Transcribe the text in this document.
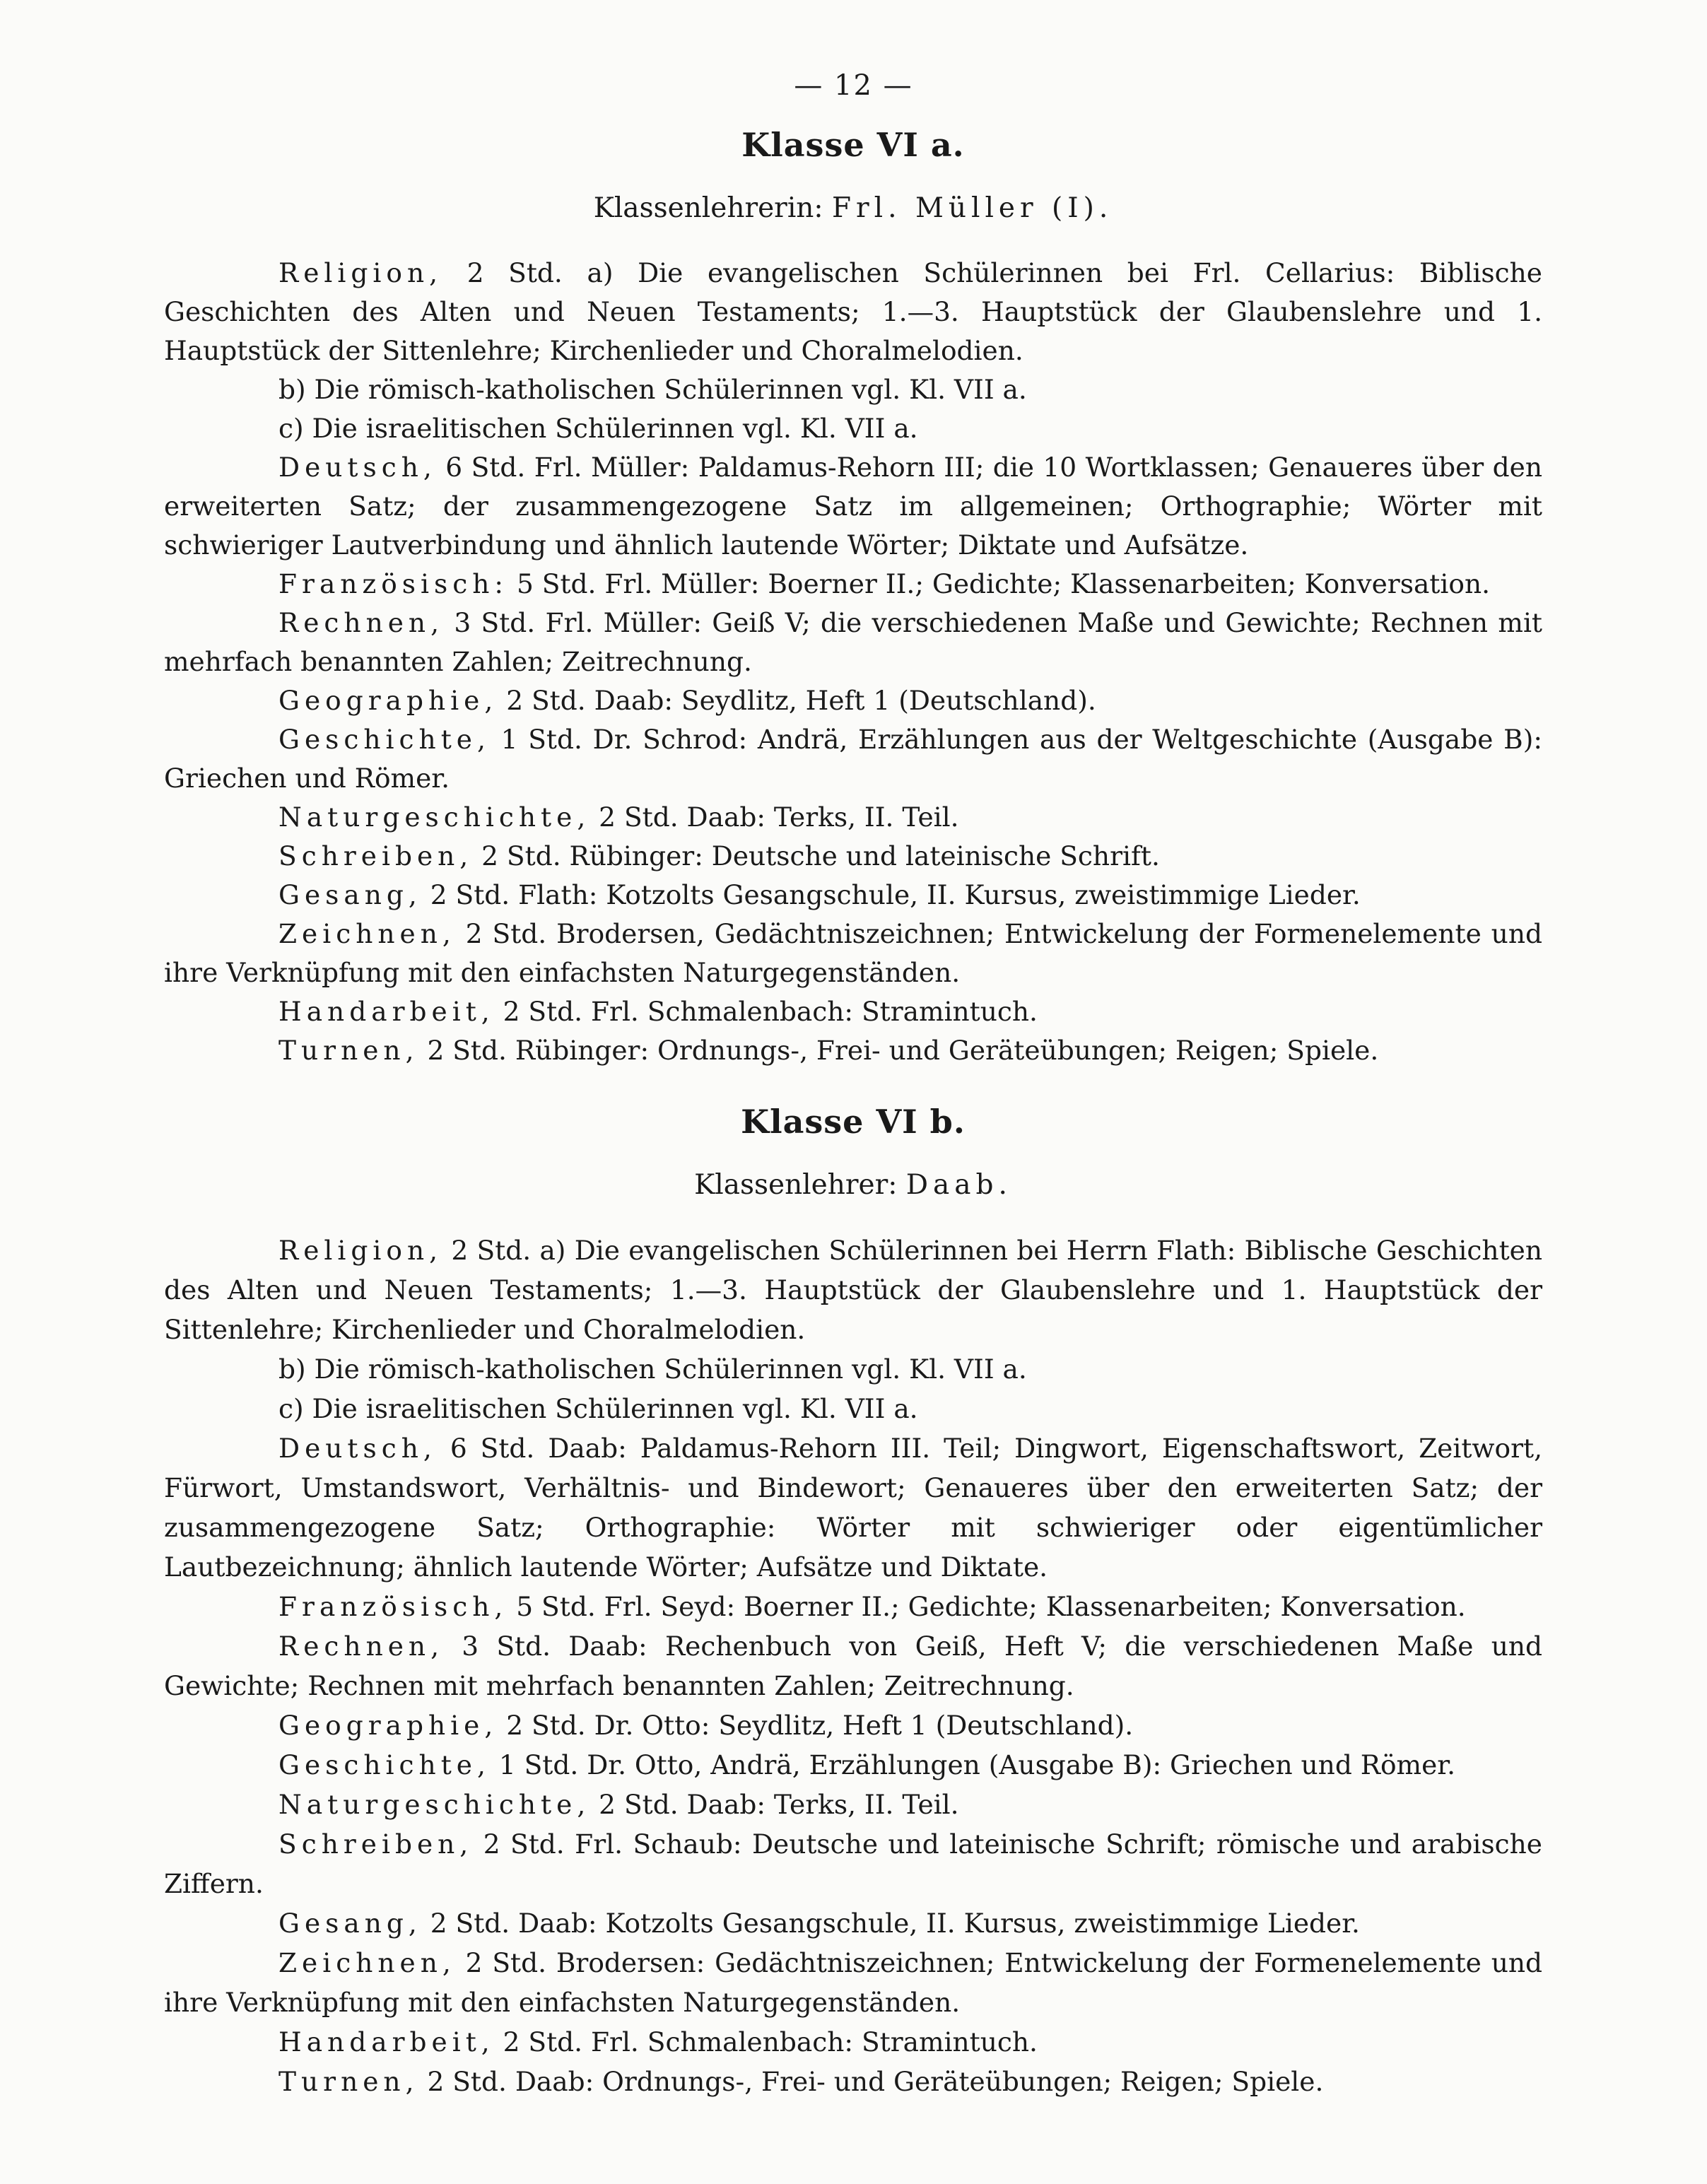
— 12 —
Klasse VI a.
Klassenlehrerin: Frl. Müller (I).

Religion, 2 Std. a) Die evangelischen Schülerinnen bei Frl. Cellarius: Biblische Geschichten des Alten und Neuen Testaments; 1.—3. Hauptstück der Glaubenslehre und 1. Hauptstück der Sittenlehre; Kirchenlieder und Choralmelodien.

b) Die römisch-katholischen Schülerinnen vgl. Kl. VII a.

c) Die israelitischen Schülerinnen vgl. Kl. VII a.

Deutsch, 6 Std. Frl. Müller: Paldamus-Rehorn III; die 10 Wortklassen; Genaueres über den erweiterten Satz; der zusammengezogene Satz im allgemeinen; Orthographie; Wörter mit schwieriger Lautverbindung und ähnlich lautende Wörter; Diktate und Aufsätze.

Französisch: 5 Std. Frl. Müller: Boerner II.; Gedichte; Klassenarbeiten; Konversation.

Rechnen, 3 Std. Frl. Müller: Geiß V; die verschiedenen Maße und Gewichte; Rechnen mit mehrfach benannten Zahlen; Zeitrechnung.

Geographie, 2 Std. Daab: Seydlitz, Heft 1 (Deutschland).

Geschichte, 1 Std. Dr. Schrod: Andrä, Erzählungen aus der Weltgeschichte (Ausgabe B): Griechen und Römer.

Naturgeschichte, 2 Std. Daab: Terks, II. Teil.

Schreiben, 2 Std. Rübinger: Deutsche und lateinische Schrift.

Gesang, 2 Std. Flath: Kotzolts Gesangschule, II. Kursus, zweistimmige Lieder.

Zeichnen, 2 Std. Brodersen, Gedächtniszeichnen; Entwickelung der Formenelemente und ihre Verknüpfung mit den einfachsten Naturgegenständen.

Handarbeit, 2 Std. Frl. Schmalenbach: Stramintuch.

Turnen, 2 Std. Rübinger: Ordnungs-, Frei- und Geräteübungen; Reigen; Spiele.

Klasse VI b.
Klassenlehrer: Daab.

Religion, 2 Std. a) Die evangelischen Schülerinnen bei Herrn Flath: Biblische Geschichten des Alten und Neuen Testaments; 1.—3. Hauptstück der Glaubenslehre und 1. Hauptstück der Sittenlehre; Kirchenlieder und Choralmelodien.

b) Die römisch-katholischen Schülerinnen vgl. Kl. VII a.

c) Die israelitischen Schülerinnen vgl. Kl. VII a.

Deutsch, 6 Std. Daab: Paldamus-Rehorn III. Teil; Dingwort, Eigenschaftswort, Zeitwort, Fürwort, Umstandswort, Verhältnis- und Bindewort; Genaueres über den erweiterten Satz; der zusammengezogene Satz; Orthographie: Wörter mit schwieriger oder eigentümlicher Lautbezeichnung; ähnlich lautende Wörter; Aufsätze und Diktate.

Französisch, 5 Std. Frl. Seyd: Boerner II.; Gedichte; Klassenarbeiten; Konversation.

Rechnen, 3 Std. Daab: Rechenbuch von Geiß, Heft V; die verschiedenen Maße und Gewichte; Rechnen mit mehrfach benannten Zahlen; Zeitrechnung.

Geographie, 2 Std. Dr. Otto: Seydlitz, Heft 1 (Deutschland).

Geschichte, 1 Std. Dr. Otto, Andrä, Erzählungen (Ausgabe B): Griechen und Römer.

Naturgeschichte, 2 Std. Daab: Terks, II. Teil.

Schreiben, 2 Std. Frl. Schaub: Deutsche und lateinische Schrift; römische und arabische Ziffern.

Gesang, 2 Std. Daab: Kotzolts Gesangschule, II. Kursus, zweistimmige Lieder.

Zeichnen, 2 Std. Brodersen: Gedächtniszeichnen; Entwickelung der Formenelemente und ihre Verknüpfung mit den einfachsten Naturgegenständen.

Handarbeit, 2 Std. Frl. Schmalenbach: Stramintuch.

Turnen, 2 Std. Daab: Ordnungs-, Frei- und Geräteübungen; Reigen; Spiele.
